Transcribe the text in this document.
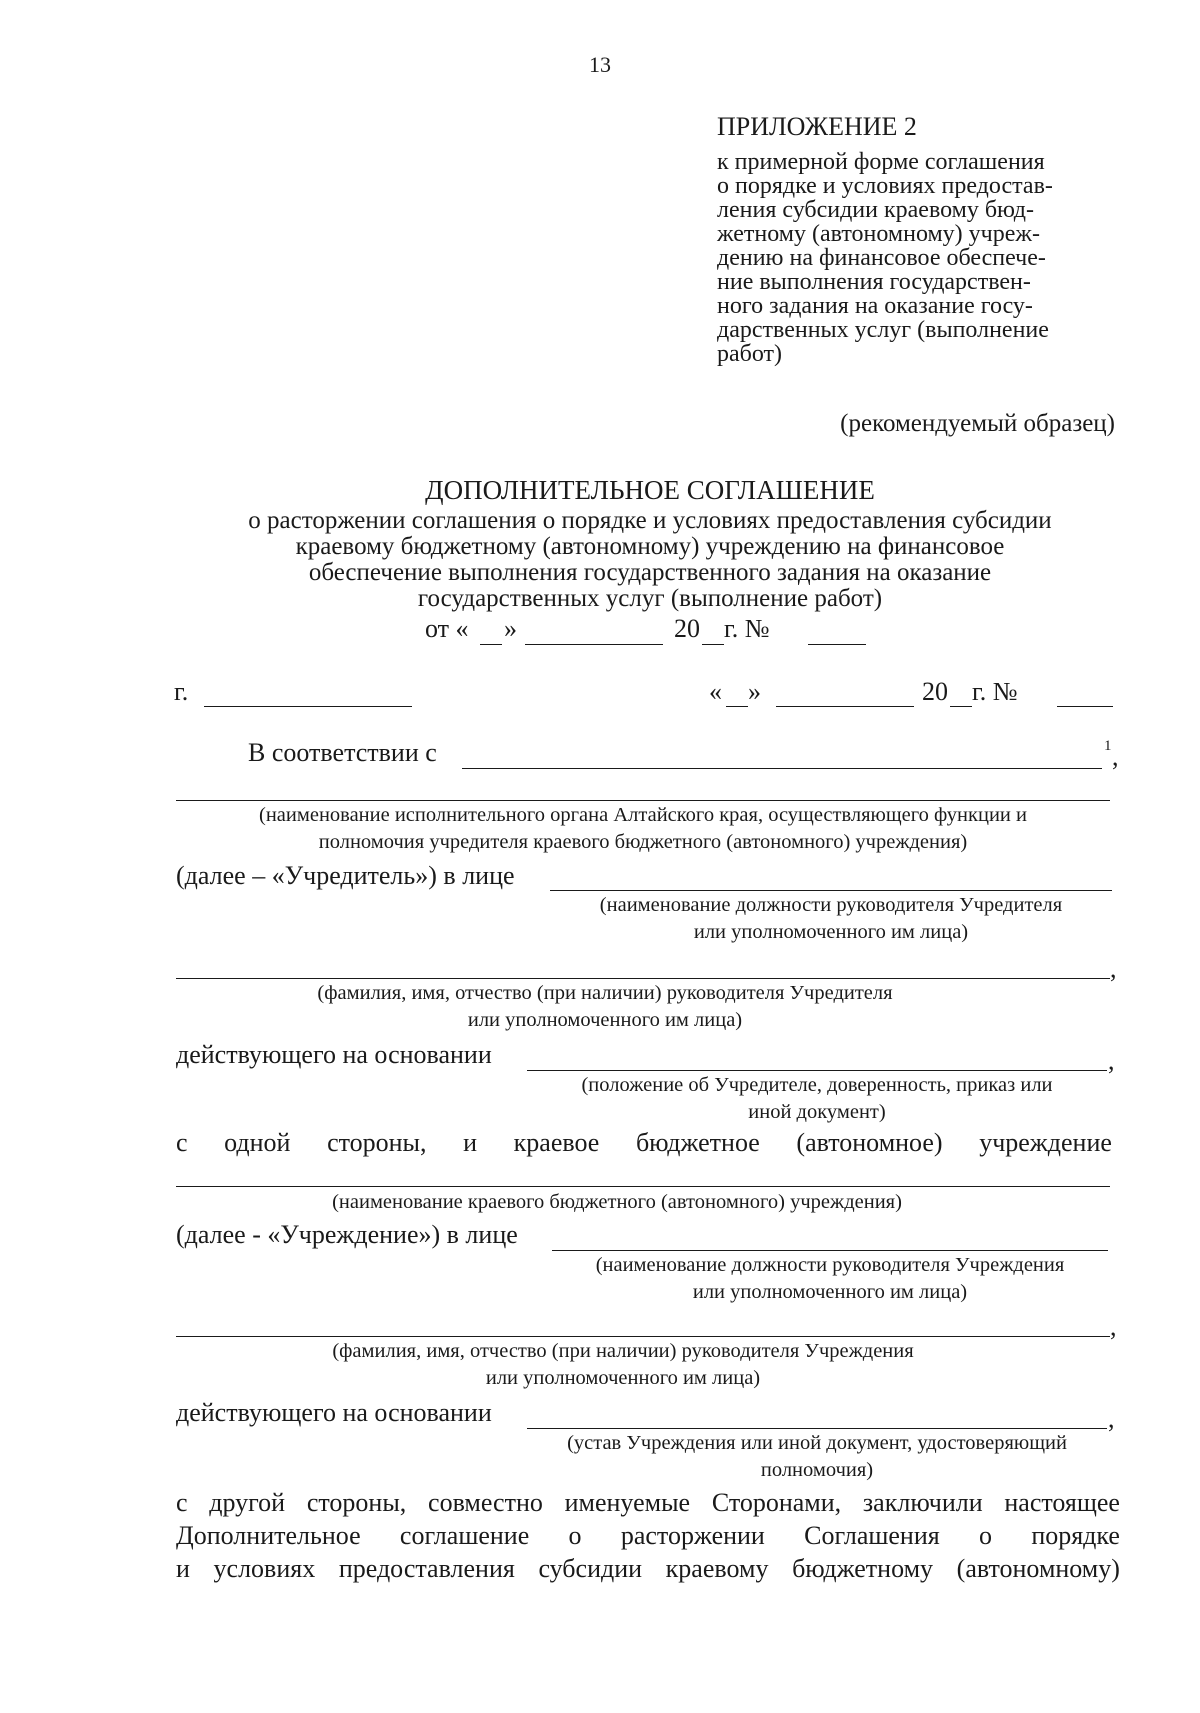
13
ПРИЛОЖЕНИЕ 2
к примерной форме соглашения
о порядке и условиях предостав-
ления субсидии краевому бюд-
жетному (автономному) учреж-
дению на финансовое обеспече-
ние выполнения государствен-
ного задания на оказание госу-
дарственных услуг (выполнение
работ)
(рекомендуемый образец)
ДОПОЛНИТЕЛЬНОЕ СОГЛАШЕНИЕ
о расторжении соглашения о порядке и условиях предоставления субсидии
краевому бюджетному (автономному) учреждению на финансовое
обеспечение выполнения государственного задания на оказание
государственных услуг (выполнение работ)
от « »	20 г. №
г.	« »	20 г. №
В соответствии с	1 ,
(наименование исполнительного органа Алтайского края, осуществляющего функции и
полномочия учредителя краевого бюджетного (автономного) учреждения)
(далее – «Учредитель») в лице
(наименование должности руководителя Учредителя
или уполномоченного им лица)
,
(фамилия, имя, отчество (при наличии) руководителя Учредителя
или уполномоченного им лица)
действующего на основании	,
(положение об Учредителе, доверенность, приказ или
иной документ)
с одной стороны, и краевое бюджетное (автономное) учреждение
(наименование краевого бюджетного (автономного) учреждения)
(далее - «Учреждение») в лице
(наименование должности руководителя Учреждения
или уполномоченного им лица)
,
(фамилия, имя, отчество (при наличии) руководителя Учреждения
или уполномоченного им лица)
действующего на основании	,
(устав Учреждения или иной документ, удостоверяющий
полномочия)
с другой стороны, совместно именуемые Сторонами, заключили настоящее
Дополнительное соглашение о расторжении Соглашения о порядке
и условиях предоставления субсидии краевому бюджетному (автономному)
